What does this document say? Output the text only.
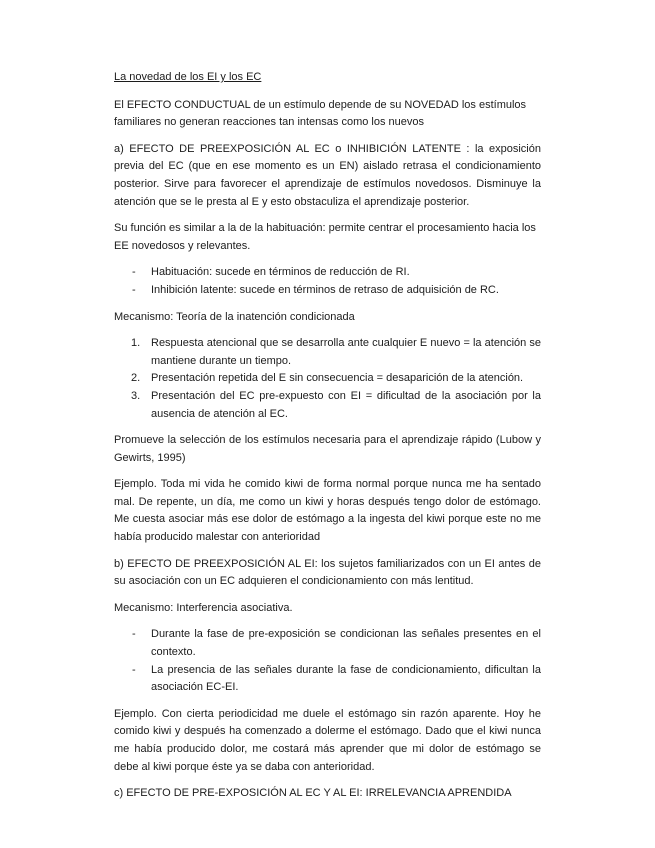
La novedad de los EI y los EC

El EFECTO CONDUCTUAL de un estímulo depende de su NOVEDAD los estímulos familiares no generan reacciones tan intensas como los nuevos

a) EFECTO DE PREEXPOSICIÓN AL EC o INHIBICIÓN LATENTE : la exposición previa del EC (que en ese momento es un EN) aislado retrasa el condicionamiento posterior. Sirve para favorecer el aprendizaje de estímulos novedosos. Disminuye la atención que se le presta al E y esto obstaculiza el aprendizaje posterior.

Su función es similar a la de la habituación: permite centrar el procesamiento hacia los EE novedosos y relevantes.

- Habituación: sucede en términos de reducción de RI.
- Inhibición latente: sucede en términos de retraso de adquisición de RC.

Mecanismo: Teoría de la inatención condicionada

1. Respuesta atencional que se desarrolla ante cualquier E nuevo = la atención se mantiene durante un tiempo.
2. Presentación repetida del E sin consecuencia = desaparición de la atención.
3. Presentación del EC pre-expuesto con EI = dificultad de la asociación por la ausencia de atención al EC.

Promueve la selección de los estímulos necesaria para el aprendizaje rápido (Lubow y Gewirts, 1995)

Ejemplo. Toda mi vida he comido kiwi de forma normal porque nunca me ha sentado mal. De repente, un día, me como un kiwi y horas después tengo dolor de estómago. Me cuesta asociar más ese dolor de estómago a la ingesta del kiwi porque este no me había producido malestar con anterioridad

b) EFECTO DE PREEXPOSICIÓN AL EI: los sujetos familiarizados con un EI antes de su asociación con un EC adquieren el condicionamiento con más lentitud.

Mecanismo: Interferencia asociativa.

- Durante la fase de pre-exposición se condicionan las señales presentes en el contexto.
- La presencia de las señales durante la fase de condicionamiento, dificultan la asociación EC-EI.

Ejemplo. Con cierta periodicidad me duele el estómago sin razón aparente. Hoy he comido kiwi y después ha comenzado a dolerme el estómago. Dado que el kiwi nunca me había producido dolor, me costará más aprender que mi dolor de estómago se debe al kiwi porque éste ya se daba con anterioridad.

c) EFECTO DE PRE-EXPOSICIÓN AL EC Y AL EI: IRRELEVANCIA APRENDIDA
